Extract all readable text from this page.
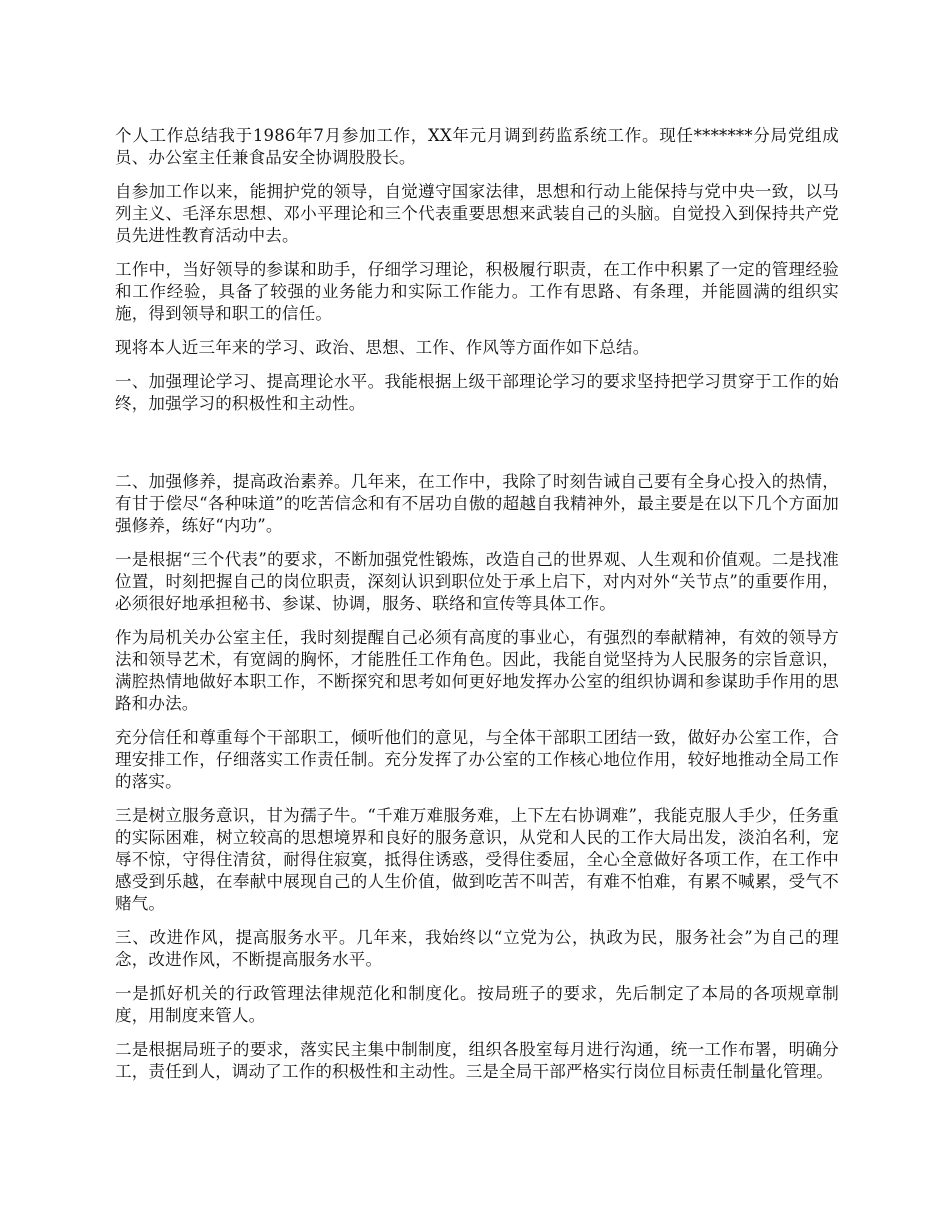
个人工作总结我于1986年7月参加工作，XX年元月调到药监系统工作。现任*******分局党组成员、办公室主任兼食品安全协调股股长。

自参加工作以来，能拥护党的领导，自觉遵守国家法律，思想和行动上能保持与党中央一致，以马列主义、毛泽东思想、邓小平理论和三个代表重要思想来武装自己的头脑。自觉投入到保持共产党员先进性教育活动中去。

工作中，当好领导的参谋和助手，仔细学习理论，积极履行职责，在工作中积累了一定的管理经验和工作经验，具备了较强的业务能力和实际工作能力。工作有思路、有条理，并能圆满的组织实施，得到领导和职工的信任。

现将本人近三年来的学习、政治、思想、工作、作风等方面作如下总结。

一、加强理论学习、提高理论水平。我能根据上级干部理论学习的要求坚持把学习贯穿于工作的始终，加强学习的积极性和主动性。

二、加强修养，提高政治素养。几年来，在工作中，我除了时刻告诫自己要有全身心投入的热情，有甘于偿尽“各种味道”的吃苦信念和有不居功自傲的超越自我精神外，最主要是在以下几个方面加强修养，练好“内功”。

一是根据“三个代表”的要求，不断加强党性锻炼，改造自己的世界观、人生观和价值观。二是找准位置，时刻把握自己的岗位职责，深刻认识到职位处于承上启下，对内对外“关节点”的重要作用，必须很好地承担秘书、参谋、协调，服务、联络和宣传等具体工作。

作为局机关办公室主任，我时刻提醒自己必须有高度的事业心，有强烈的奉献精神，有效的领导方法和领导艺术，有宽阔的胸怀，才能胜任工作角色。因此，我能自觉坚持为人民服务的宗旨意识，满腔热情地做好本职工作，不断探究和思考如何更好地发挥办公室的组织协调和参谋助手作用的思路和办法。

充分信任和尊重每个干部职工，倾听他们的意见，与全体干部职工团结一致，做好办公室工作，合理安排工作，仔细落实工作责任制。充分发挥了办公室的工作核心地位作用，较好地推动全局工作的落实。

三是树立服务意识，甘为孺子牛。“千难万难服务难，上下左右协调难”，我能克服人手少，任务重的实际困难，树立较高的思想境界和良好的服务意识，从党和人民的工作大局出发，淡泊名利，宠辱不惊，守得住清贫，耐得住寂寞，抵得住诱惑，受得住委屈，全心全意做好各项工作，在工作中感受到乐越，在奉献中展现自己的人生价值，做到吃苦不叫苦，有难不怕难，有累不喊累，受气不赌气。

三、改进作风，提高服务水平。几年来，我始终以“立党为公，执政为民，服务社会”为自己的理念，改进作风，不断提高服务水平。

一是抓好机关的行政管理法律规范化和制度化。按局班子的要求，先后制定了本局的各项规章制度，用制度来管人。

二是根据局班子的要求，落实民主集中制制度，组织各股室每月进行沟通，统一工作布署，明确分工，责任到人，调动了工作的积极性和主动性。三是全局干部严格实行岗位目标责任制量化管理。
